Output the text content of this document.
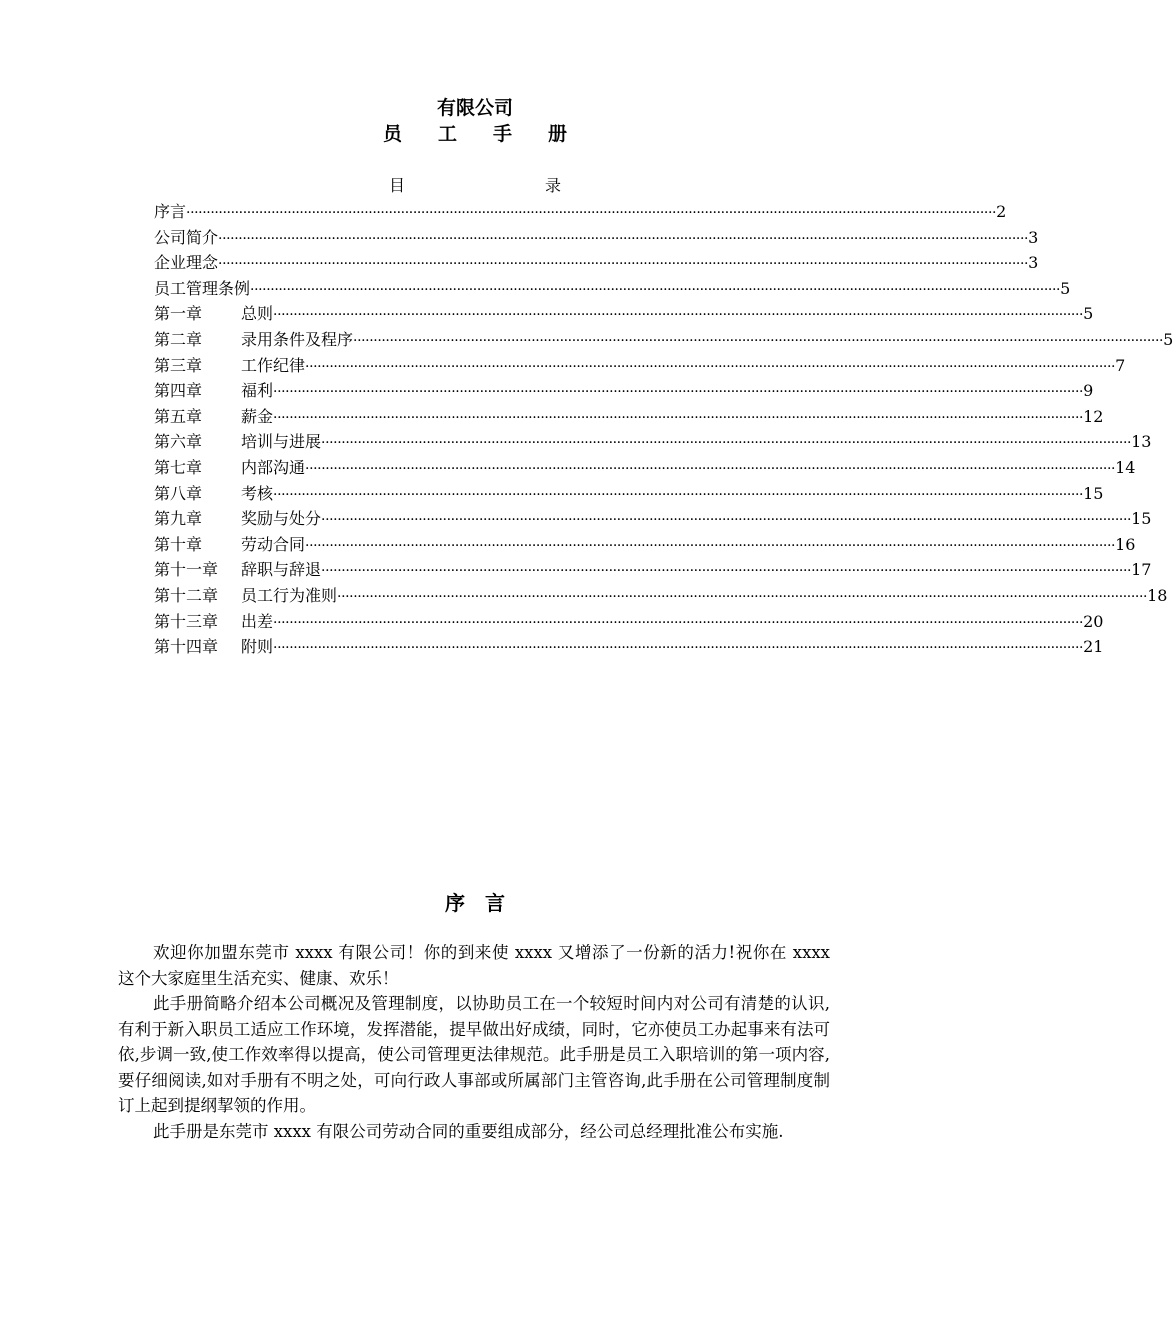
有限公司
员 工 手 册
目	录
序言 ········································································································································································································ 2
公司简介 ········································································································································································································ 3
企业理念 ········································································································································································································ 3
员工管理条例 ········································································································································································································ 5
第一章 总则 ········································································································································································································ 5
第二章 录用条件及程序 ········································································································································································································ 5
第三章 工作纪律 ········································································································································································································ 7
第四章 福利 ········································································································································································································ 9
第五章 薪金 ········································································································································································································ 12
第六章 培训与进展 ········································································································································································································ 13
第七章 内部沟通 ········································································································································································································ 14
第八章 考核 ········································································································································································································ 15
第九章 奖励与处分 ········································································································································································································ 15
第十章 劳动合同 ········································································································································································································ 16
第十一章 辞职与辞退 ········································································································································································································ 17
第十二章 员工行为准则 ········································································································································································································ 18
第十三章 出差 ········································································································································································································ 20
第十四章 附则 ········································································································································································································ 21
序 言

欢迎你加盟东莞市 xxxx 有限公司！你的到来使 xxxx 又增添了一份新的活力!祝你在 xxxx 这个大家庭里生活充实、健康、欢乐！

此手册简略介绍本公司概况及管理制度，以协助员工在一个较短时间内对公司有清楚的认识,有利于新入职员工适应工作环境，发挥潜能，提早做出好成绩，同时，它亦使员工办起事来有法可依,步调一致,使工作效率得以提高，使公司管理更法律规范。此手册是员工入职培训的第一项内容,要仔细阅读,如对手册有不明之处，可向行政人事部或所属部门主管咨询,此手册在公司管理制度制订上起到提纲挈领的作用。

此手册是东莞市 xxxx 有限公司劳动合同的重要组成部分，经公司总经理批准公布实施.
